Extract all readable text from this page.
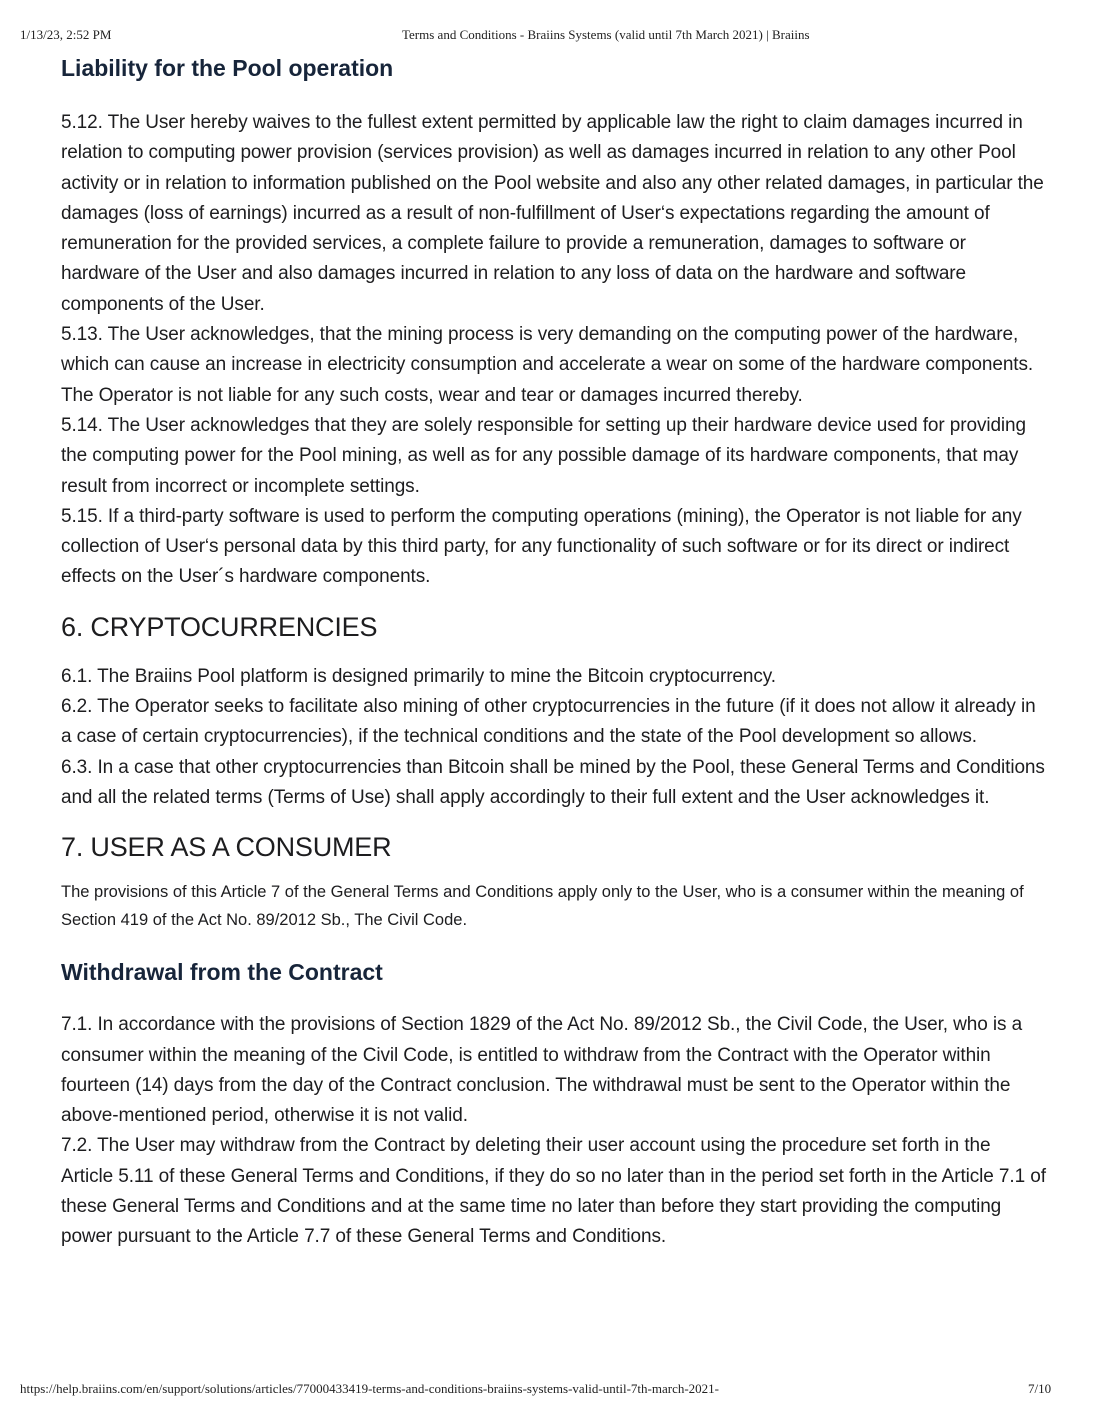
1/13/23, 2:52 PM	Terms and Conditions - Braiins Systems (valid until 7th March 2021) | Braiins
Liability for the Pool operation

5.12. The User hereby waives to the fullest extent permitted by applicable law the right to claim damages incurred in relation to computing power provision (services provision) as well as damages incurred in relation to any other Pool activity or in relation to information published on the Pool website and also any other related damages, in particular the damages (loss of earnings) incurred as a result of non-fulfillment of User‘s expectations regarding the amount of remuneration for the provided services, a complete failure to provide a remuneration, damages to software or hardware of the User and also damages incurred in relation to any loss of data on the hardware and software components of the User.

5.13. The User acknowledges, that the mining process is very demanding on the computing power of the hardware, which can cause an increase in electricity consumption and accelerate a wear on some of the hardware components. The Operator is not liable for any such costs, wear and tear or damages incurred thereby.

5.14. The User acknowledges that they are solely responsible for setting up their hardware device used for providing the computing power for the Pool mining, as well as for any possible damage of its hardware components, that may result from incorrect or incomplete settings.

5.15. If a third-party software is used to perform the computing operations (mining), the Operator is not liable for any collection of User‘s personal data by this third party, for any functionality of such software or for its direct or indirect effects on the User´s hardware components.

6. CRYPTOCURRENCIES

6.1. The Braiins Pool platform is designed primarily to mine the Bitcoin cryptocurrency.

6.2. The Operator seeks to facilitate also mining of other cryptocurrencies in the future (if it does not allow it already in a case of certain cryptocurrencies), if the technical conditions and the state of the Pool development so allows.

6.3. In a case that other cryptocurrencies than Bitcoin shall be mined by the Pool, these General Terms and Conditions and all the related terms (Terms of Use) shall apply accordingly to their full extent and the User acknowledges it.

7. USER AS A CONSUMER

The provisions of this Article 7 of the General Terms and Conditions apply only to the User, who is a consumer within the meaning of Section 419 of the Act No. 89/2012 Sb., The Civil Code.

Withdrawal from the Contract

7.1. In accordance with the provisions of Section 1829 of the Act No. 89/2012 Sb., the Civil Code, the User, who is a consumer within the meaning of the Civil Code, is entitled to withdraw from the Contract with the Operator within fourteen (14) days from the day of the Contract conclusion. The withdrawal must be sent to the Operator within the above-mentioned period, otherwise it is not valid.

7.2. The User may withdraw from the Contract by deleting their user account using the procedure set forth in the Article 5.11 of these General Terms and Conditions, if they do so no later than in the period set forth in the Article 7.1 of these General Terms and Conditions and at the same time no later than before they start providing the computing power pursuant to the Article 7.7 of these General Terms and Conditions.

https://help.braiins.com/en/support/solutions/articles/77000433419-terms-and-conditions-braiins-systems-valid-until-7th-march-2021-	7/10
